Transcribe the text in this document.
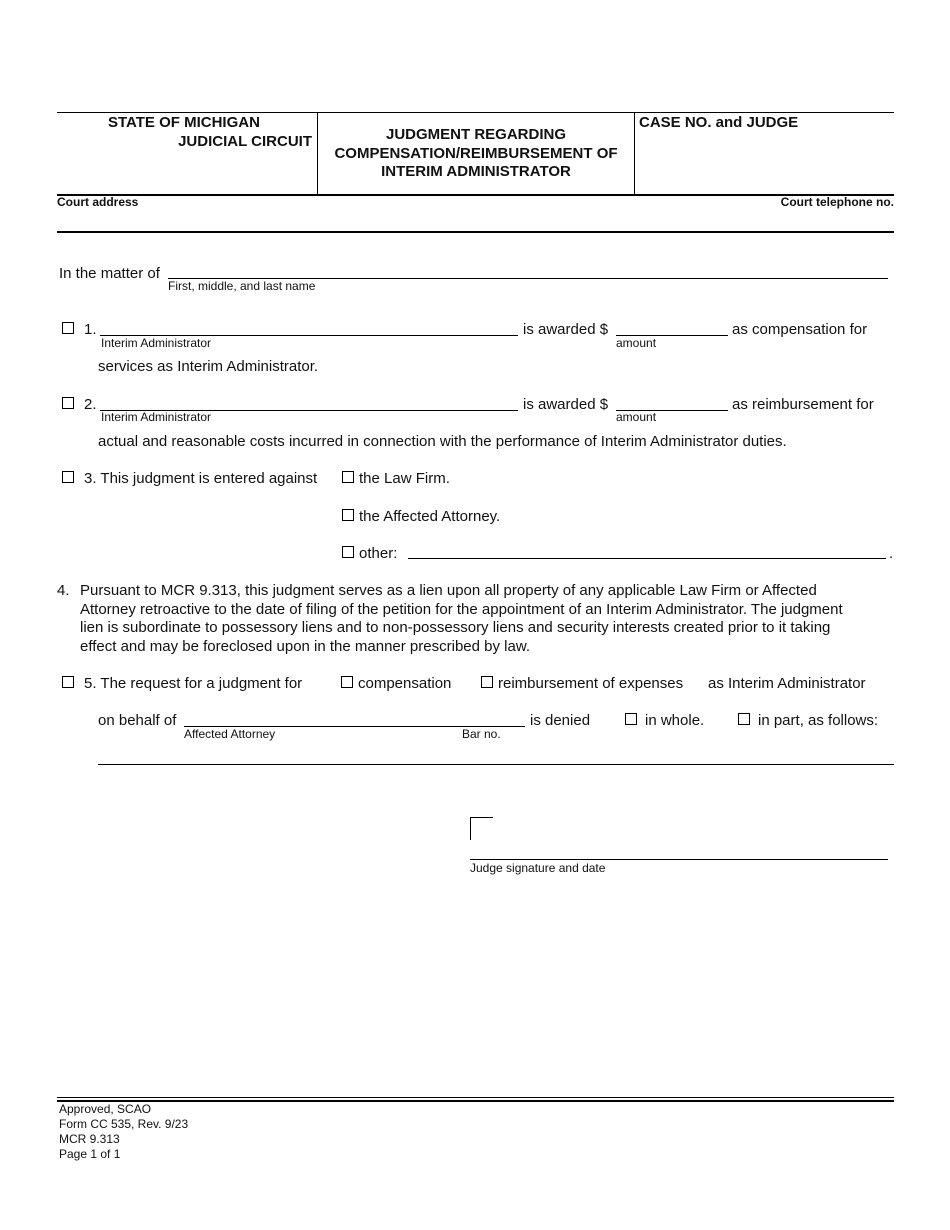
STATE OF MICHIGAN
JUDICIAL CIRCUIT	JUDGMENT REGARDING
COMPENSATION/REIMBURSEMENT OF
INTERIM ADMINISTRATOR
CASE NO. and JUDGE
Court address	Court telephone no.
In the matter of
First, middle, and last name
1.
Interim Administrator
is awarded $
amount
as compensation for
services as Interim Administrator.
2.
Interim Administrator
is awarded $
amount
as reimbursement for
actual and reasonable costs incurred in connection with the performance of Interim Administrator duties.
3. This judgment is entered against	the Law Firm.
the Affected Attorney.
other:	.
4. Pursuant to MCR 9.313, this judgment serves as a lien upon all property of any applicable Law Firm or Affected
Attorney retroactive to the date of filing of the petition for the appointment of an Interim Administrator. The judgment
lien is subordinate to possessory liens and to non-possessory liens and security interests created prior to it taking
effect and may be foreclosed upon in the manner prescribed by law.
5. The request for a judgment for	compensation	reimbursement of expenses as Interim Administrator
on behalf of
Affected Attorney	Bar no.
is denied	in whole.	in part, as follows:
Judge signature and date
Approved, SCAO
Form CC 535, Rev. 9/23
MCR 9.313
Page 1 of 1
